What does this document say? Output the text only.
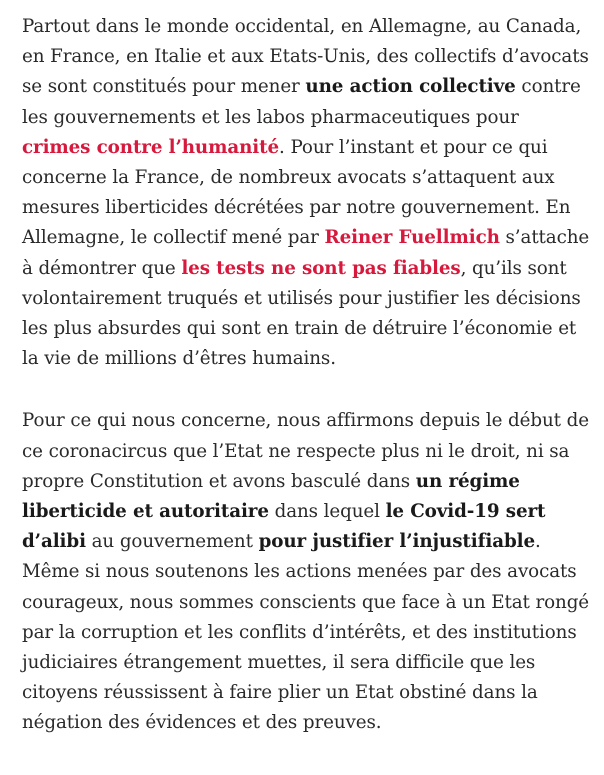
Partout dans le monde occidental, en Allemagne, au Canada, en France, en Italie et aux Etats-Unis, des collectifs d’avocats se sont constitués pour mener une action collective contre les gouvernements et les labos pharmaceutiques pour crimes contre l’humanité. Pour l’instant et pour ce qui concerne la France, de nombreux avocats s’attaquent aux mesures liberticides décrétées par notre gouvernement. En Allemagne, le collectif mené par Reiner Fuellmich s’attache à démontrer que les tests ne sont pas fiables, qu’ils sont volontairement truqués et utilisés pour justifier les décisions les plus absurdes qui sont en train de détruire l’économie et la vie de millions d’êtres humains.

Pour ce qui nous concerne, nous affirmons depuis le début de ce coronacircus que l’Etat ne respecte plus ni le droit, ni sa propre Constitution et avons basculé dans un régime liberticide et autoritaire dans lequel le Covid-19 sert d’alibi au gouvernement pour justifier l’injustifiable. Même si nous soutenons les actions menées par des avocats courageux, nous sommes conscients que face à un Etat rongé par la corruption et les conflits d’intérêts, et des institutions judiciaires étrangement muettes, il sera difficile que les citoyens réussissent à faire plier un Etat obstiné dans la négation des évidences et des preuves.
